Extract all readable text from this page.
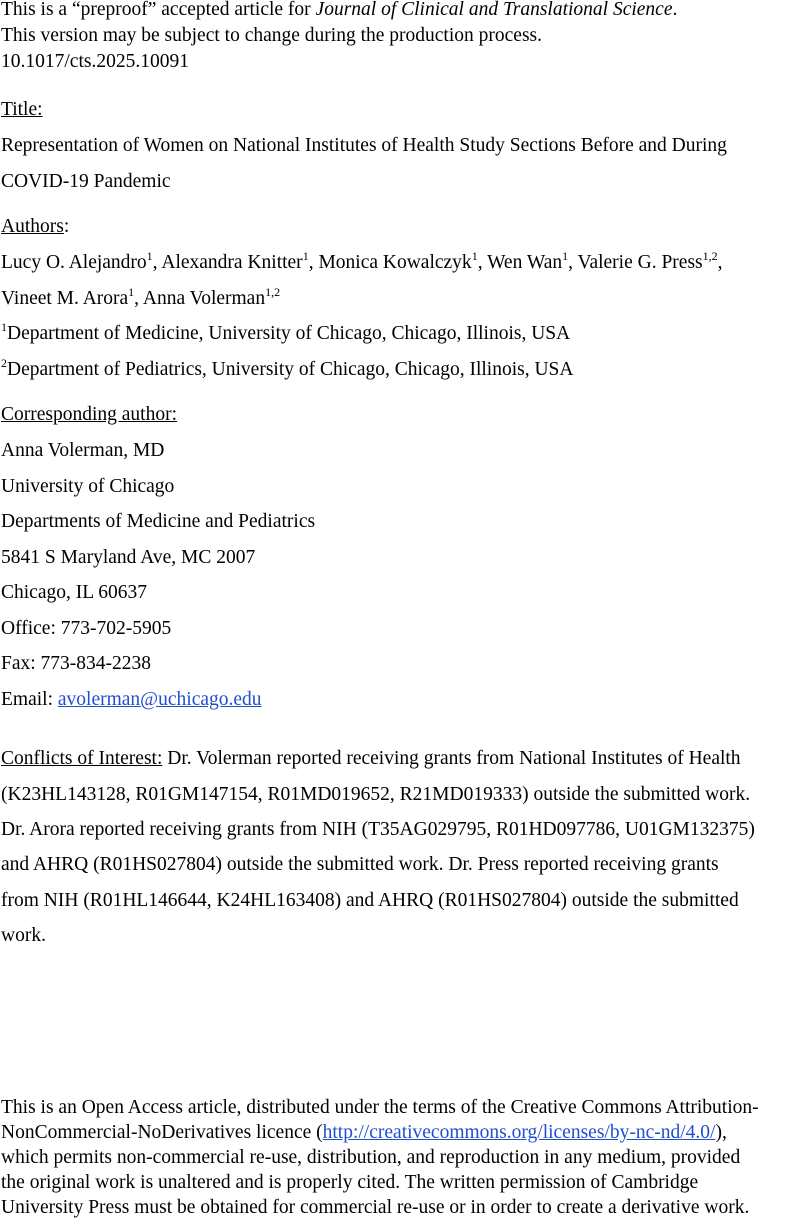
This is a “preproof” accepted article for Journal of Clinical and Translational Science.
This version may be subject to change during the production process.
10.1017/cts.2025.10091
Title:
Representation of Women on National Institutes of Health Study Sections Before and During
COVID-19 Pandemic
Authors:
Lucy O. Alejandro$^1$, Alexandra Knitter$^1$, Monica Kowalczyk$^1$, Wen Wan$^1$, Valerie G. Press$^{1,2}$,
Vineet M. Arora$^1$, Anna Volerman$^{1,2}$
$^1$Department of Medicine, University of Chicago, Chicago, Illinois, USA
$^2$Department of Pediatrics, University of Chicago, Chicago, Illinois, USA
Corresponding author:
Anna Volerman, MD
University of Chicago
Departments of Medicine and Pediatrics
5841 S Maryland Ave, MC 2007
Chicago, IL 60637
Office: 773-702-5905
Fax: 773-834-2238
Email: avolerman@uchicago.edu
Conflicts of Interest: Dr. Volerman reported receiving grants from National Institutes of Health
(K23HL143128, R01GM147154, R01MD019652, R21MD019333) outside the submitted work.
Dr. Arora reported receiving grants from NIH (T35AG029795, R01HD097786, U01GM132375)
and AHRQ (R01HS027804) outside the submitted work. Dr. Press reported receiving grants
from NIH (R01HL146644, K24HL163408) and AHRQ (R01HS027804) outside the submitted
work.
This is an Open Access article, distributed under the terms of the Creative Commons Attribution-
NonCommercial-NoDerivatives licence (http://creativecommons.org/licenses/by-nc-nd/4.0/),
which permits non-commercial re-use, distribution, and reproduction in any medium, provided
the original work is unaltered and is properly cited. The written permission of Cambridge
University Press must be obtained for commercial re-use or in order to create a derivative work.
